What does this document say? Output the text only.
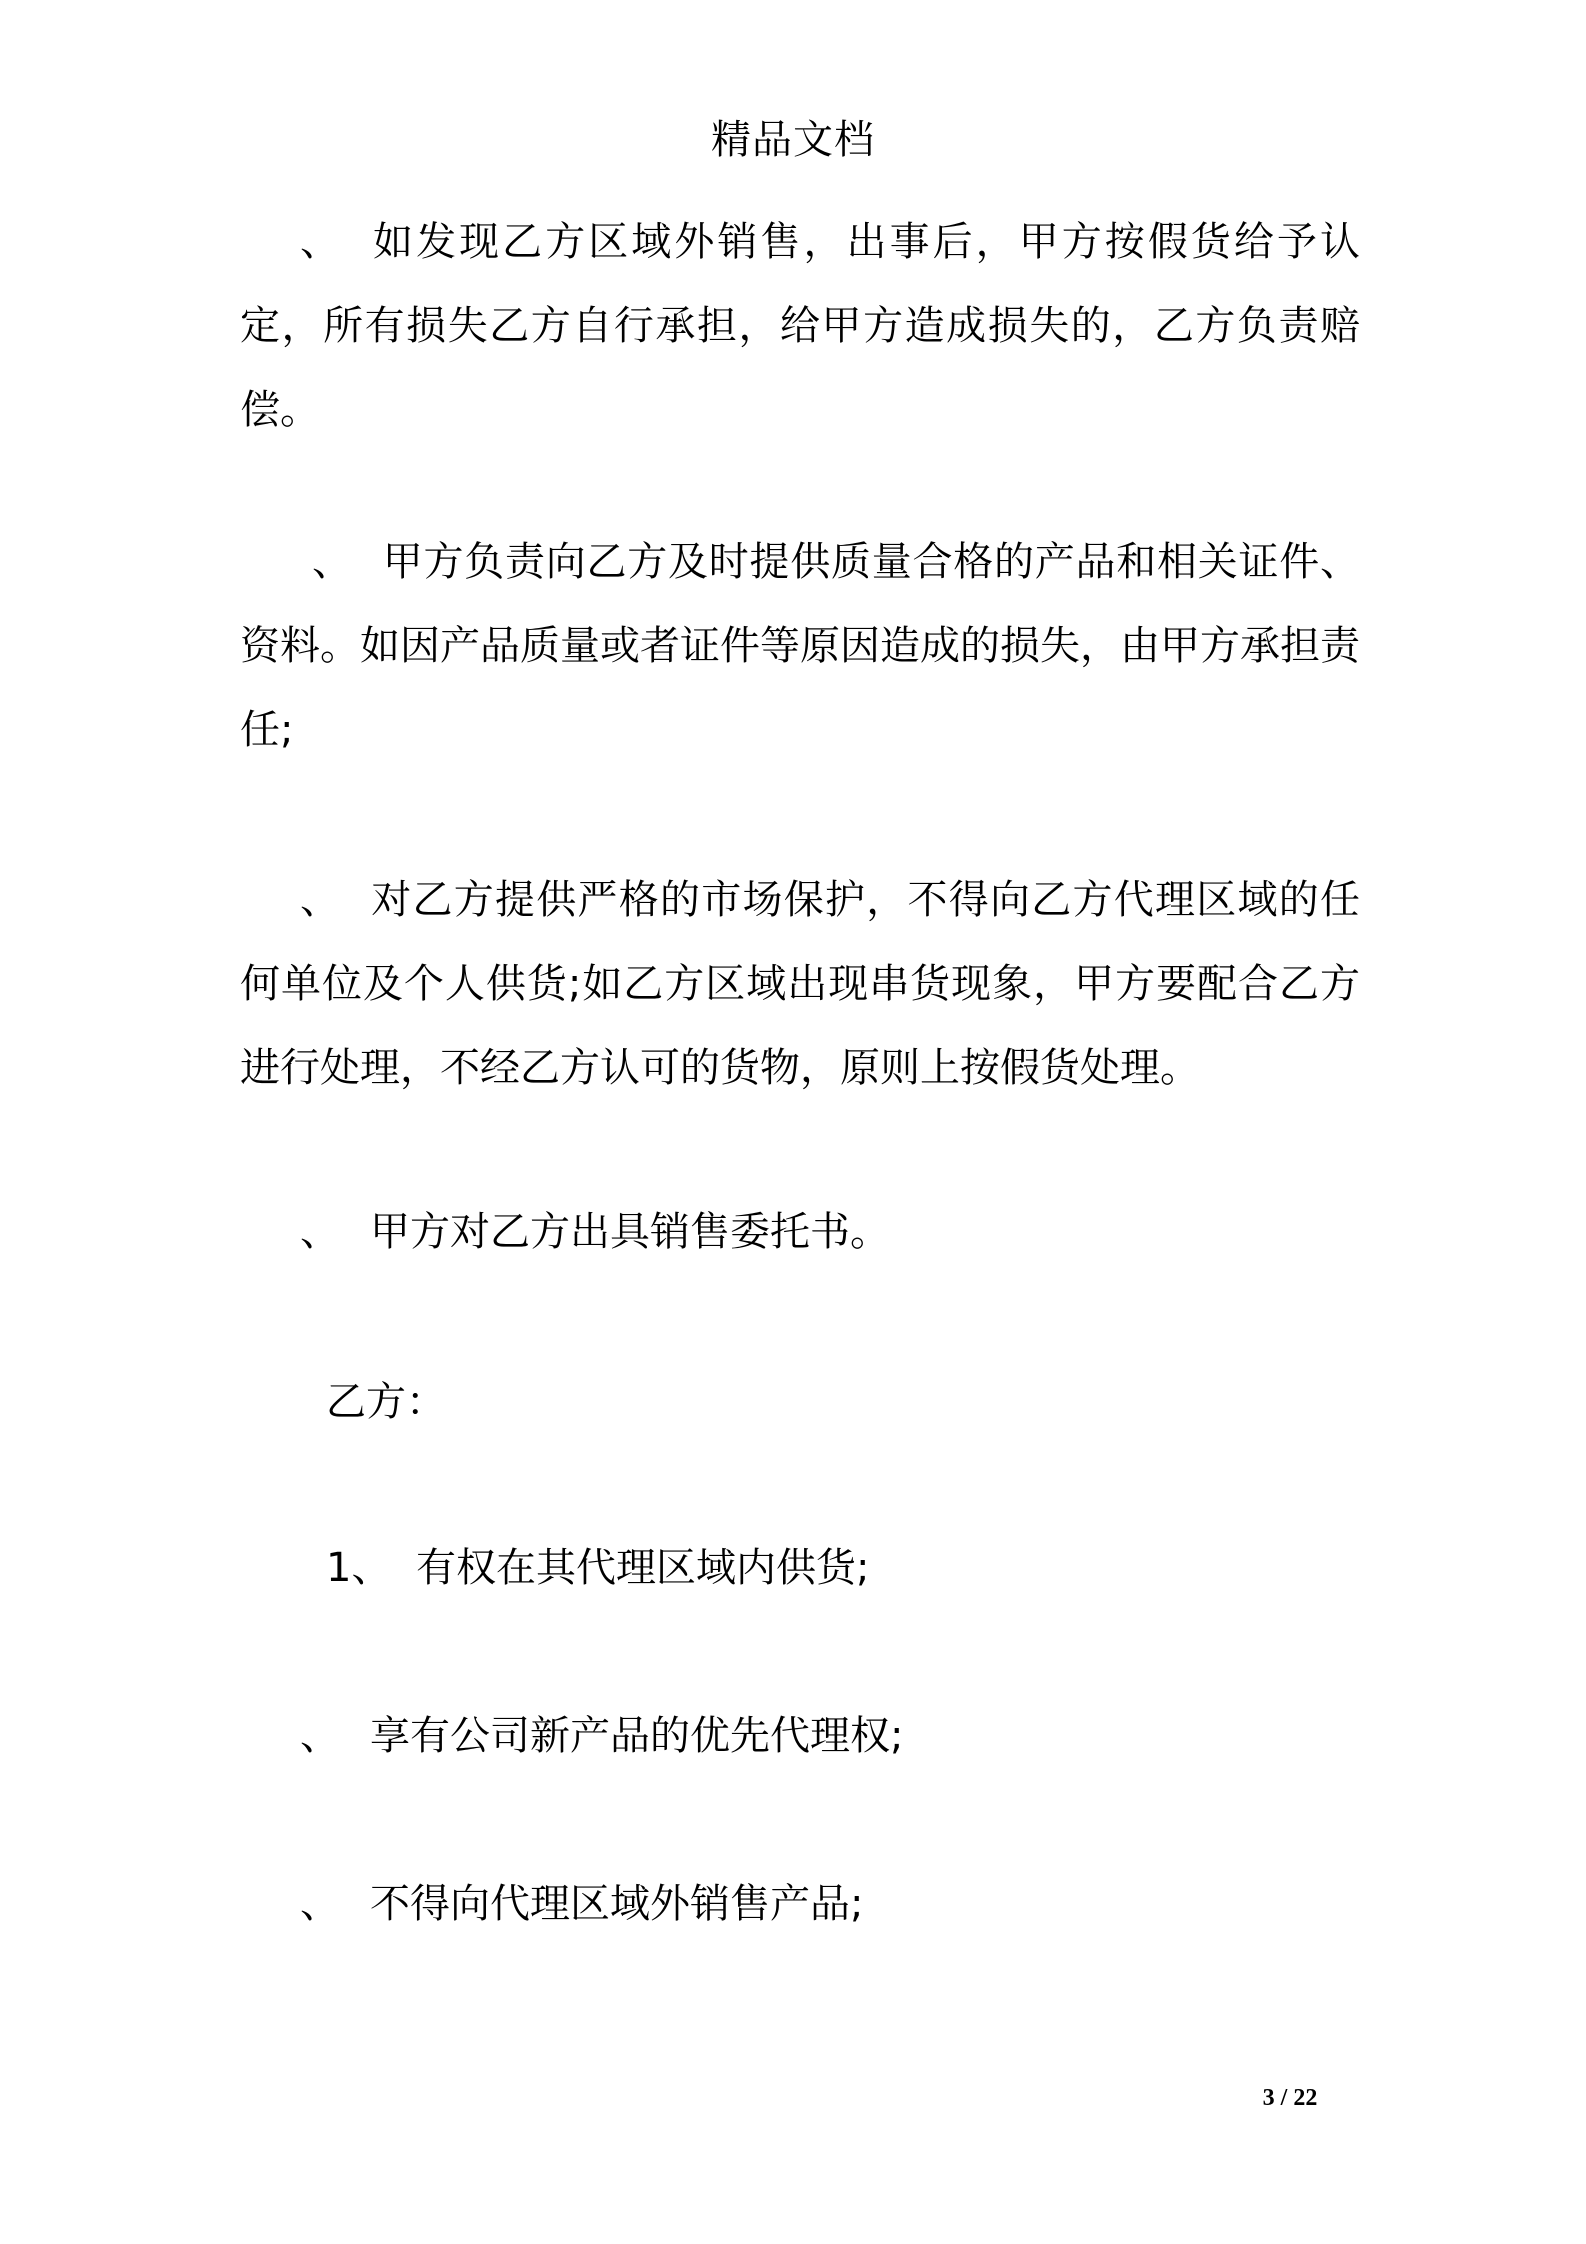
精品文档

、 如发现乙方区域外销售，出事后，甲方按假货给予认定，所有损失乙方自行承担，给甲方造成损失的，乙方负责赔偿。

、 甲方负责向乙方及时提供质量合格的产品和相关证件、资料。如因产品质量或者证件等原因造成的损失，由甲方承担责任;

、 对乙方提供严格的市场保护，不得向乙方代理区域的任何单位及个人供货;如乙方区域出现串货现象，甲方要配合乙方进行处理，不经乙方认可的货物，原则上按假货处理。

、 甲方对乙方出具销售委托书。

乙方：

1、 有权在其代理区域内供货;

、 享有公司新产品的优先代理权;

、 不得向代理区域外销售产品;

3 / 22
